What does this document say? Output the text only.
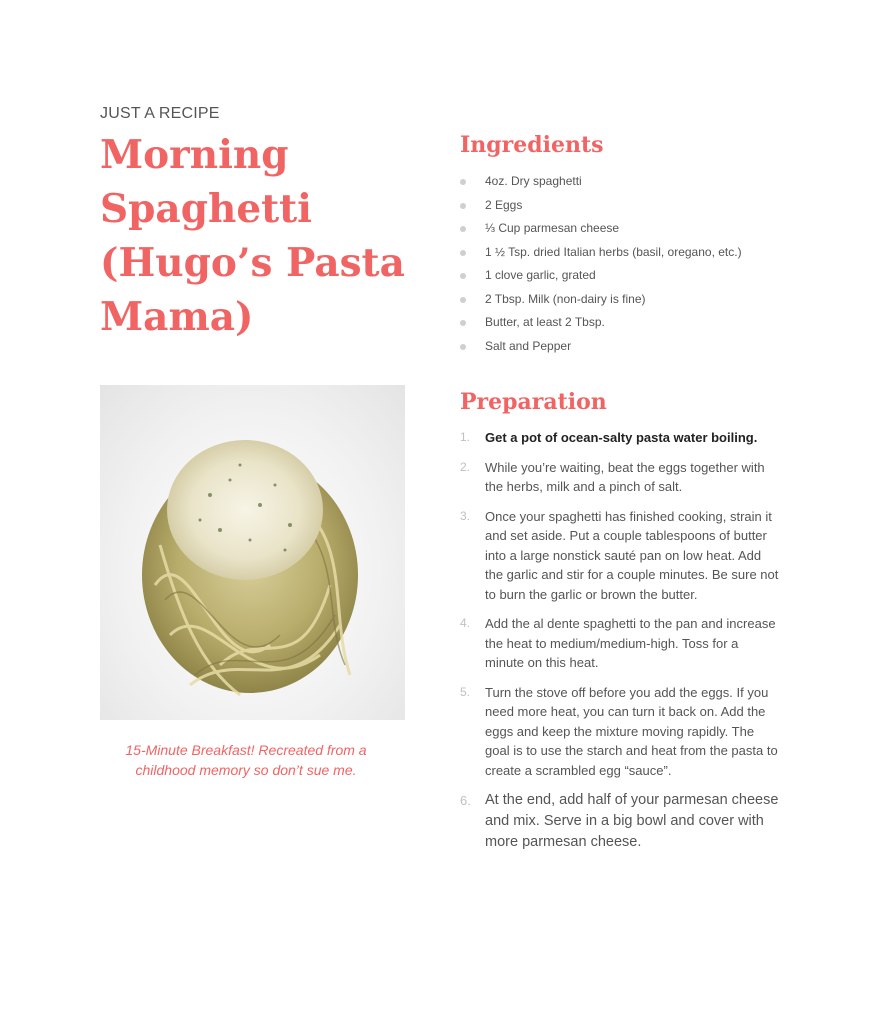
JUST A RECIPE
Morning Spaghetti (Hugo’s Pasta Mama)
15-Minute Breakfast! Recreated from a childhood memory so don’t sue me.
Ingredients
4oz. Dry spaghetti
2 Eggs
⅓ Cup parmesan cheese
1 ½ Tsp. dried Italian herbs (basil, oregano, etc.)
1 clove garlic, grated
2 Tbsp. Milk (non-dairy is fine)
Butter, at least 2 Tbsp.
Salt and Pepper
Preparation
1. Get a pot of ocean-salty pasta water boiling.
2. While you’re waiting, beat the eggs together with the herbs, milk and a pinch of salt.
3. Once your spaghetti has finished cooking, strain it and set aside. Put a couple tablespoons of butter into a large nonstick sauté pan on low heat. Add the garlic and stir for a couple minutes. Be sure not to burn the garlic or brown the butter.
4. Add the al dente spaghetti to the pan and increase the heat to medium/medium-high. Toss for a minute on this heat.
5. Turn the stove off before you add the eggs. If you need more heat, you can turn it back on. Add the eggs and keep the mixture moving rapidly. The goal is to use the starch and heat from the pasta to create a scrambled egg “sauce”.
6. At the end, add half of your parmesan cheese and mix. Serve in a big bowl and cover with more parmesan cheese.
